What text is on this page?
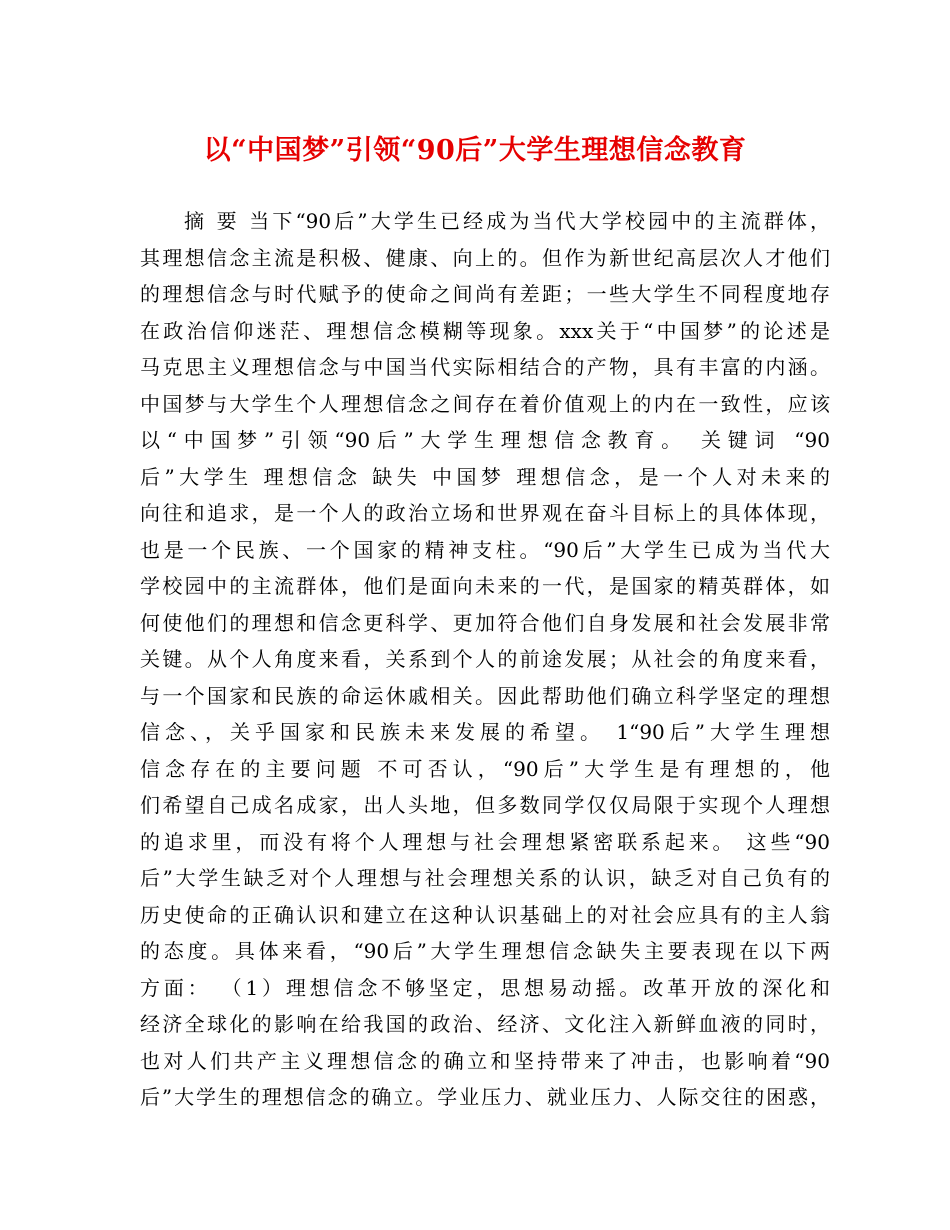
以“中国梦”引领“90后”大学生理想信念教育
摘 要 当下“90后”大学生已经成为当代大学校园中的主流群体，
其理想信念主流是积极、健康、向上的。但作为新世纪高层次人才他们
的理想信念与时代赋予的使命之间尚有差距；一些大学生不同程度地存
在政治信仰迷茫、理想信念模糊等现象。xxx关于“中国梦”的论述是
马克思主义理想信念与中国当代实际相结合的产物，具有丰富的内涵。
中国梦与大学生个人理想信念之间存在着价值观上的内在一致性，应该
以“中国梦”引领“90后”大学生理想信念教育。 关键词 “90
后”大学生 理想信念 缺失 中国梦 理想信念，是一个人对未来的
向往和追求，是一个人的政治立场和世界观在奋斗目标上的具体体现，
也是一个民族、一个国家的精神支柱。“90后”大学生已成为当代大
学校园中的主流群体，他们是面向未来的一代，是国家的精英群体，如
何使他们的理想和信念更科学、更加符合他们自身发展和社会发展非常
关键。从个人角度来看，关系到个人的前途发展；从社会的角度来看，
与一个国家和民族的命运休戚相关。因此帮助他们确立科学坚定的理想
信念、，关乎国家和民族未来发展的希望。 1“90后”大学生理想
信念存在的主要问题 不可否认，“90后”大学生是有理想的，他
们希望自己成名成家，出人头地，但多数同学仅仅局限于实现个人理想
的追求里，而没有将个人理想与社会理想紧密联系起来。 这些“90
后”大学生缺乏对个人理想与社会理想关系的认识，缺乏对自己负有的
历史使命的正确认识和建立在这种认识基础上的对社会应具有的主人翁
的态度。具体来看，“90后”大学生理想信念缺失主要表现在以下两
方面： （1）理想信念不够坚定，思想易动摇。改革开放的深化和
经济全球化的影响在给我国的政治、经济、文化注入新鲜血液的同时，
也对人们共产主义理想信念的确立和坚持带来了冲击，也影响着“90
后”大学生的理想信念的确立。学业压力、就业压力、人际交往的困惑，
